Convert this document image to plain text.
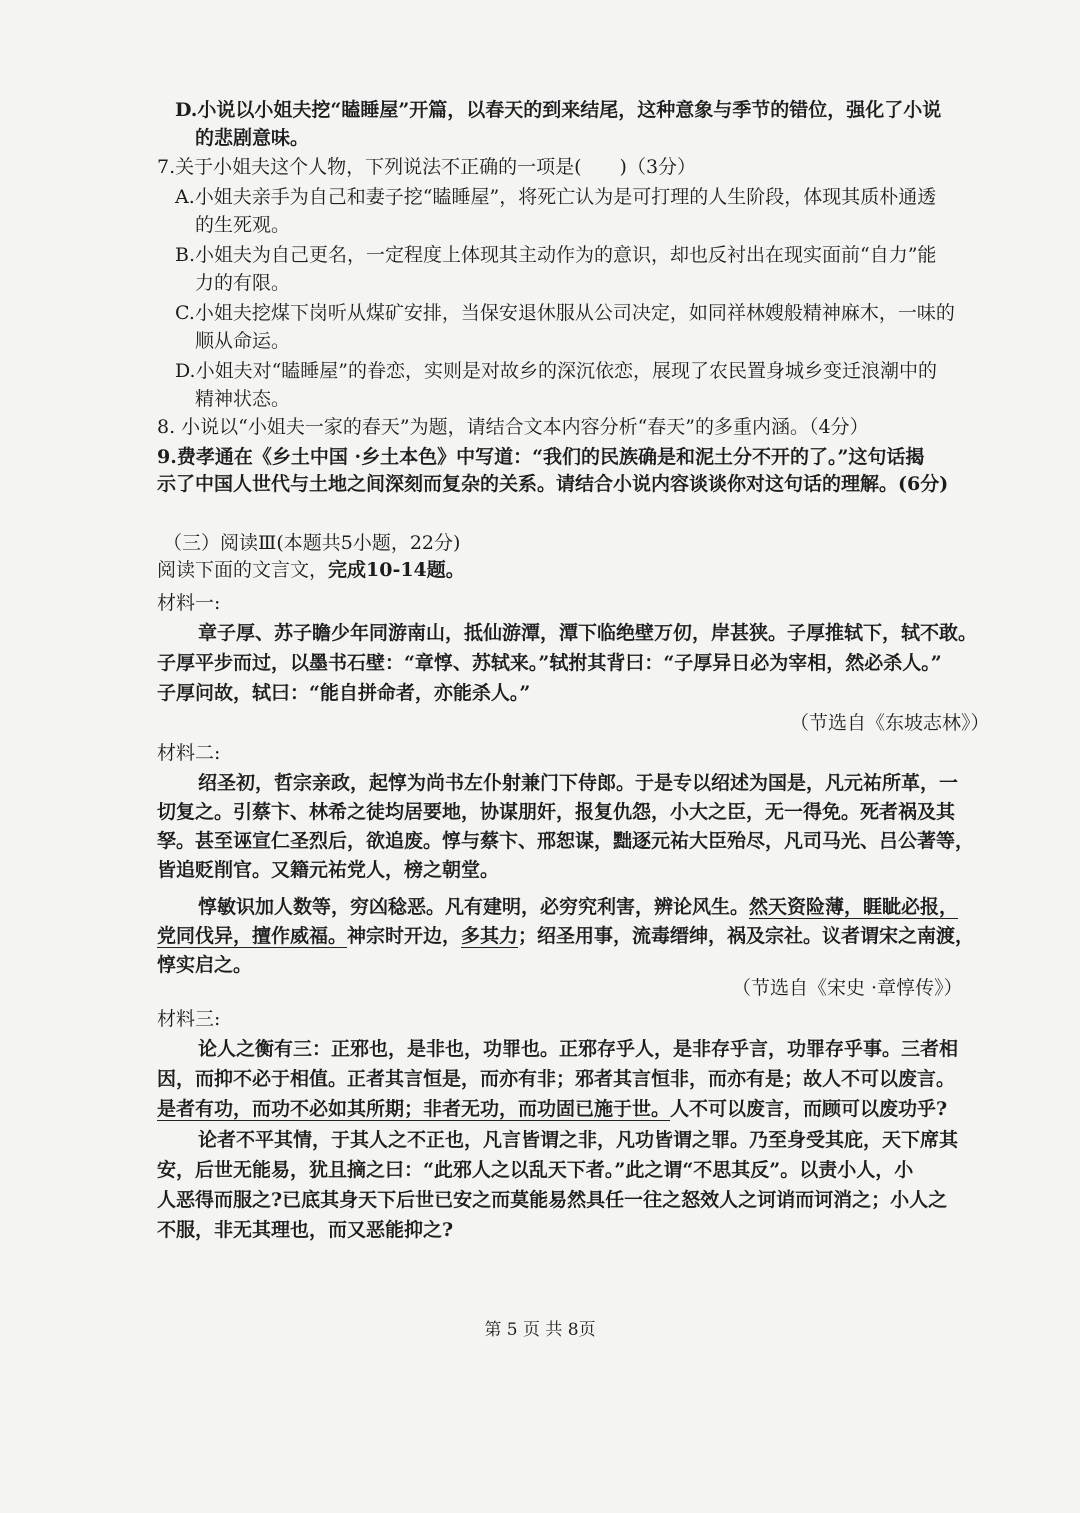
D.小说以小姐夫挖“瞌睡屋”开篇，以春天的到来结尾，这种意象与季节的错位，强化了小说
的悲剧意味。
7.关于小姐夫这个人物，下列说法不正确的一项是(　　)（3分）
A.小姐夫亲手为自己和妻子挖“瞌睡屋”，将死亡认为是可打理的人生阶段，体现其质朴通透
的生死观。
B.小姐夫为自己更名，一定程度上体现其主动作为的意识，却也反衬出在现实面前“自力”能
力的有限。
C.小姐夫挖煤下岗听从煤矿安排，当保安退休服从公司决定，如同祥林嫂般精神麻木，一味的
顺从命运。
D.小姐夫对“瞌睡屋”的眷恋，实则是对故乡的深沉依恋，展现了农民置身城乡变迁浪潮中的
精神状态。
8. 小说以“小姐夫一家的春天”为题，请结合文本内容分析“春天”的多重内涵。（4分）
9.费孝通在《乡土中国 ·乡土本色》中写道：“我们的民族确是和泥土分不开的了。”这句话揭
示了中国人世代与土地之间深刻而复杂的关系。请结合小说内容谈谈你对这句话的理解。(6分)
（三）阅读Ⅲ(本题共5小题，22分)
阅读下面的文言文，完成10-14题。
材料一:
章子厚、苏子瞻少年同游南山，抵仙游潭，潭下临绝壁万仞，岸甚狭。子厚推轼下，轼不敢。
子厚平步而过，以墨书石壁：“章惇、苏轼来。”轼拊其背曰：“子厚异日必为宰相，然必杀人。”
子厚问故，轼曰：“能自拼命者，亦能杀人。”
（节选自《东坡志林》）
材料二:
绍圣初，哲宗亲政，起惇为尚书左仆射兼门下侍郎。于是专以绍述为国是，凡元祐所革，一
切复之。引蔡卞、林希之徒均居要地，协谋朋奸，报复仇怨，小大之臣，无一得免。死者祸及其
孥。甚至诬宣仁圣烈后，欲追废。惇与蔡卞、邢恕谋，黜逐元祐大臣殆尽，凡司马光、吕公著等，
皆追贬削官。又籍元祐党人，榜之朝堂。
惇敏识加人数等，穷凶稔恶。凡有建明，必穷究利害，辨论风生。然天资险薄，睚眦必报，
党同伐异，擅作威福。神宗时开边，多其力；绍圣用事，流毒缙绅，祸及宗社。议者谓宋之南渡，
惇实启之。
（节选自《宋史 ·章惇传》）
材料三:
论人之衡有三：正邪也，是非也，功罪也。正邪存乎人，是非存乎言，功罪存乎事。三者相
因，而抑不必于相值。正者其言恒是，而亦有非；邪者其言恒非，而亦有是；故人不可以废言。
是者有功，而功不必如其所期；非者无功，而功固已施于世。人不可以废言，而顾可以废功乎?
论者不平其情，于其人之不正也，凡言皆谓之非，凡功皆谓之罪。乃至身受其庇，天下席其
安，后世无能易，犹且摘之曰：“此邪人之以乱天下者。”此之谓“不思其反”。以责小人，小
人恶得而服之?已底其身天下后世已安之而莫能易然具任一往之怒效人之诃诮而诃消之；小人之
不服，非无其理也，而又恶能抑之?
第 5 页 共 8页
